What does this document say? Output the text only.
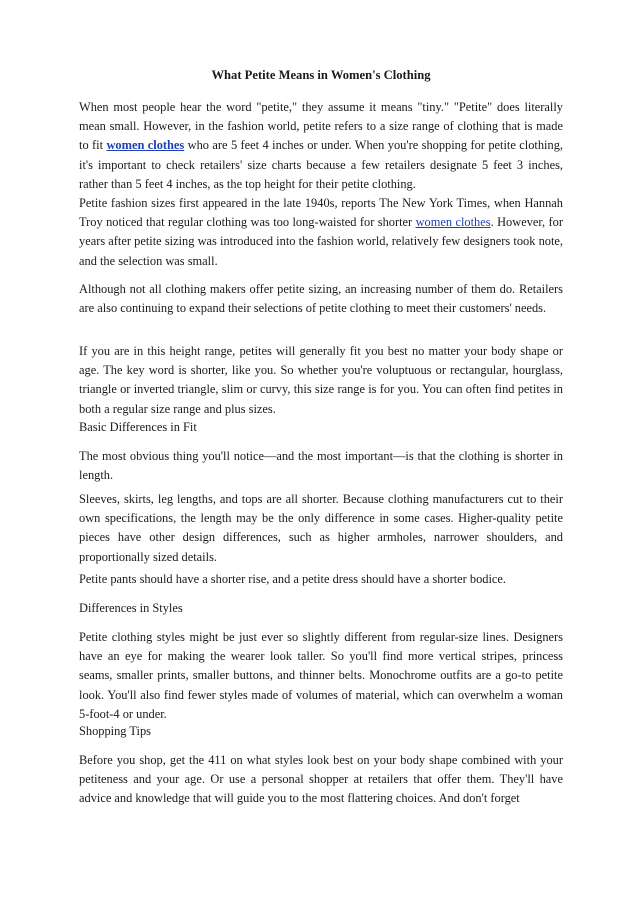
What Petite Means in Women's Clothing

When most people hear the word "petite," they assume it means "tiny." "Petite" does literally mean small. However, in the fashion world, petite refers to a size range of clothing that is made to fit women clothes who are 5 feet 4 inches or under. When you're shopping for petite clothing, it's important to check retailers' size charts because a few retailers designate 5 feet 3 inches, rather than 5 feet 4 inches, as the top height for their petite clothing.

Petite fashion sizes first appeared in the late 1940s, reports The New York Times, when Hannah Troy noticed that regular clothing was too long-waisted for shorter women clothes. However, for years after petite sizing was introduced into the fashion world, relatively few designers took note, and the selection was small.

Although not all clothing makers offer petite sizing, an increasing number of them do. Retailers are also continuing to expand their selections of petite clothing to meet their customers' needs.

If you are in this height range, petites will generally fit you best no matter your body shape or age. The key word is shorter, like you. So whether you're voluptuous or rectangular, hourglass, triangle or inverted triangle, slim or curvy, this size range is for you. You can often find petites in both a regular size range and plus sizes.

Basic Differences in Fit

The most obvious thing you'll notice—and the most important—is that the clothing is shorter in length.

Sleeves, skirts, leg lengths, and tops are all shorter. Because clothing manufacturers cut to their own specifications, the length may be the only difference in some cases. Higher-quality petite pieces have other design differences, such as higher armholes, narrower shoulders, and proportionally sized details.

Petite pants should have a shorter rise, and a petite dress should have a shorter bodice.

Differences in Styles

Petite clothing styles might be just ever so slightly different from regular-size lines. Designers have an eye for making the wearer look taller. So you'll find more vertical stripes, princess seams, smaller prints, smaller buttons, and thinner belts. Monochrome outfits are a go-to petite look. You'll also find fewer styles made of volumes of material, which can overwhelm a woman 5-foot-4 or under.

Shopping Tips

Before you shop, get the 411 on what styles look best on your body shape combined with your petiteness and your age. Or use a personal shopper at retailers that offer them. They'll have advice and knowledge that will guide you to the most flattering choices. And don't forget
